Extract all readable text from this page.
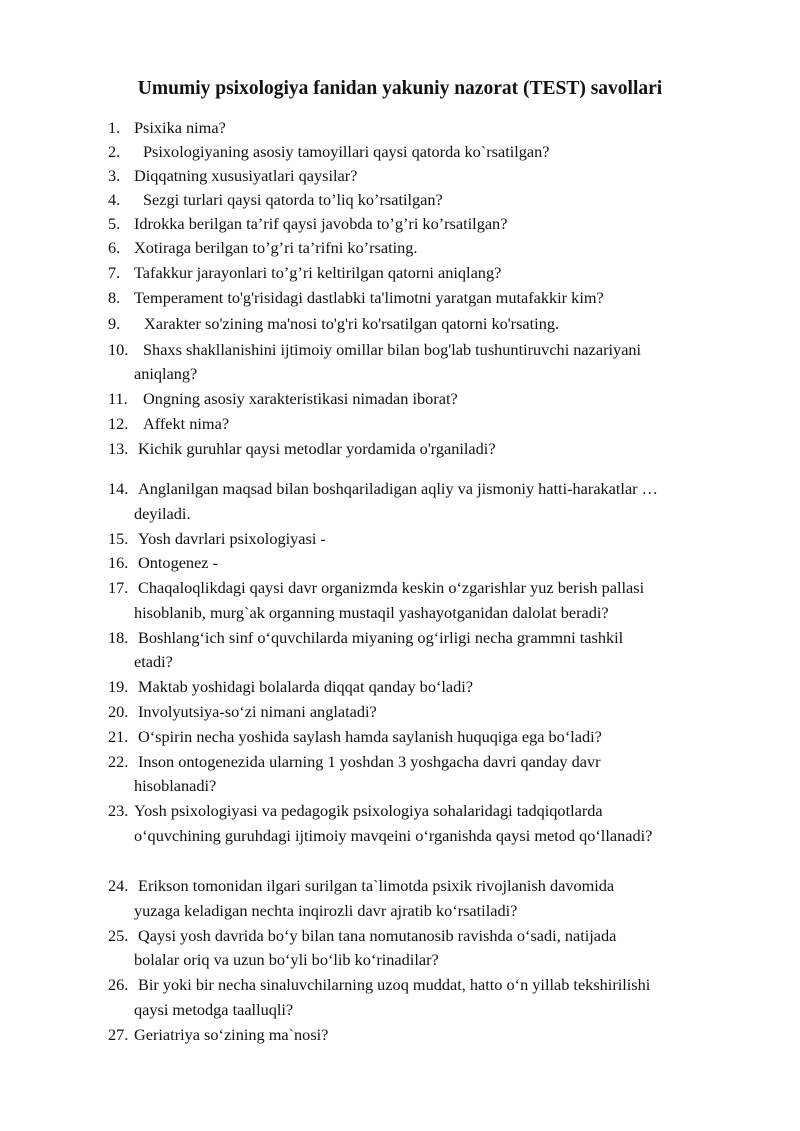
Umumiy psixologiya fanidan yakuniy nazorat (TEST) savollari
1. Psixika nima?
2. Psixologiyaning asosiy tamoyillari qaysi qatorda ko`rsatilgan?
3. Diqqatning xususiyatlari qaysilar?
4. Sezgi turlari qaysi qatorda to’liq ko’rsatilgan?
5. Idrokka berilgan ta’rif qaysi javobda to’g’ri ko’rsatilgan?
6. Xotiraga berilgan to’g’ri ta’rifni ko’rsating.
7. Tafakkur jarayonlari to’g’ri keltirilgan qatorni aniqlang?
8. Temperament to'g'risidagi dastlabki ta'limotni yaratgan mutafakkir kim?
9. Xarakter so'zining ma'nosi to'g'ri ko'rsatilgan qatorni ko'rsating.
10. Shaxs shakllanishini ijtimoiy omillar bilan bog'lab tushuntiruvchi nazariyani
aniqlang?
11. Ongning asosiy xarakteristikasi nimadan iborat?
12. Affekt nima?
13. Kichik guruhlar qaysi metodlar yordamida o'rganiladi?
14. Anglanilgan maqsad bilan boshqariladigan aqliy va jismoniy hatti-harakatlar …
deyiladi.
15. Yosh davrlari psixologiyasi -
16. Ontogenez -
17. Chaqaloqlikdagi qaysi davr organizmda keskin o‘zgarishlar yuz berish pallasi
hisoblanib, murg`ak organning mustaqil yashayotganidan dalolat beradi?
18. Boshlang‘ich sinf o‘quvchilarda miyaning og‘irligi necha grammni tashkil
etadi?
19. Maktab yoshidagi bolalarda diqqat qanday bo‘ladi?
20. Involyutsiya-so‘zi nimani anglatadi?
21. O‘spirin necha yoshida saylash hamda saylanish huquqiga ega bo‘ladi?
22. Inson ontogenezida ularning 1 yoshdan 3 yoshgacha davri qanday davr
hisoblanadi?
23. Yosh psixologiyasi va pedagogik psixologiya sohalaridagi tadqiqotlarda
o‘quvchining guruhdagi ijtimoiy mavqeini o‘rganishda qaysi metod qo‘llanadi?
24. Erikson tomonidan ilgari surilgan ta`limotda psixik rivojlanish davomida
yuzaga keladigan nechta inqirozli davr ajratib ko‘rsatiladi?
25. Qaysi yosh davrida bo‘y bilan tana nomutanosib ravishda o‘sadi, natijada
bolalar oriq va uzun bo‘yli bo‘lib ko‘rinadilar?
26. Bir yoki bir necha sinaluvchilarning uzoq muddat, hatto o‘n yillab tekshirilishi
qaysi metodga taalluqli?
27. Geriatriya so‘zining ma`nosi?
